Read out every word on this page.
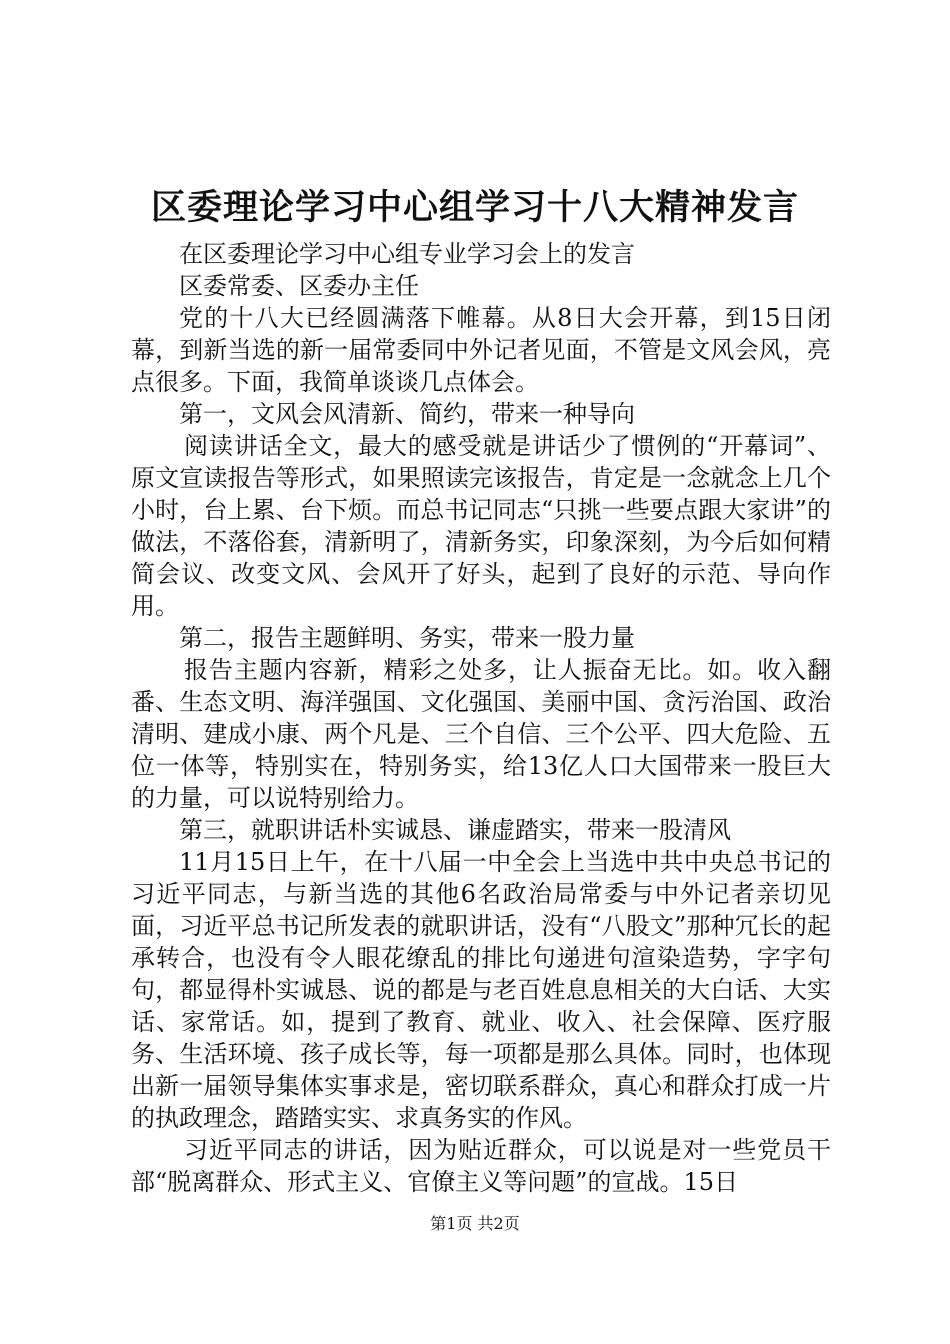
区委理论学习中心组学习十八大精神发言

在区委理论学习中心组专业学习会上的发言

区委常委、区委办主任

党的十八大已经圆满落下帷幕。从8日大会开幕，到15日闭幕，到新当选的新一届常委同中外记者见面，不管是文风会风，亮点很多。下面，我简单谈谈几点体会。

第一，文风会风清新、简约，带来一种导向

阅读讲话全文，最大的感受就是讲话少了惯例的“开幕词”、原文宣读报告等形式，如果照读完该报告，肯定是一念就念上几个小时，台上累、台下烦。而总书记同志“只挑一些要点跟大家讲”的做法，不落俗套，清新明了，清新务实，印象深刻，为今后如何精简会议、改变文风、会风开了好头，起到了良好的示范、导向作用。

第二，报告主题鲜明、务实，带来一股力量

报告主题内容新，精彩之处多，让人振奋无比。如。收入翻番、生态文明、海洋强国、文化强国、美丽中国、贪污治国、政治清明、建成小康、两个凡是、三个自信、三个公平、四大危险、五位一体等，特别实在，特别务实，给13亿人口大国带来一股巨大的力量，可以说特别给力。

第三，就职讲话朴实诚恳、谦虚踏实，带来一股清风

11月15日上午，在十八届一中全会上当选中共中央总书记的习近平同志，与新当选的其他6名政治局常委与中外记者亲切见面，习近平总书记所发表的就职讲话，没有“八股文”那种冗长的起承转合，也没有令人眼花缭乱的排比句递进句渲染造势，字字句句，都显得朴实诚恳、说的都是与老百姓息息相关的大白话、大实话、家常话。如，提到了教育、就业、收入、社会保障、医疗服务、生活环境、孩子成长等，每一项都是那么具体。同时，也体现出新一届领导集体实事求是，密切联系群众，真心和群众打成一片的执政理念，踏踏实实、求真务实的作风。

习近平同志的讲话，因为贴近群众，可以说是对一些党员干部“脱离群众、形式主义、官僚主义等问题”的宣战。15日

第1页 共2页
